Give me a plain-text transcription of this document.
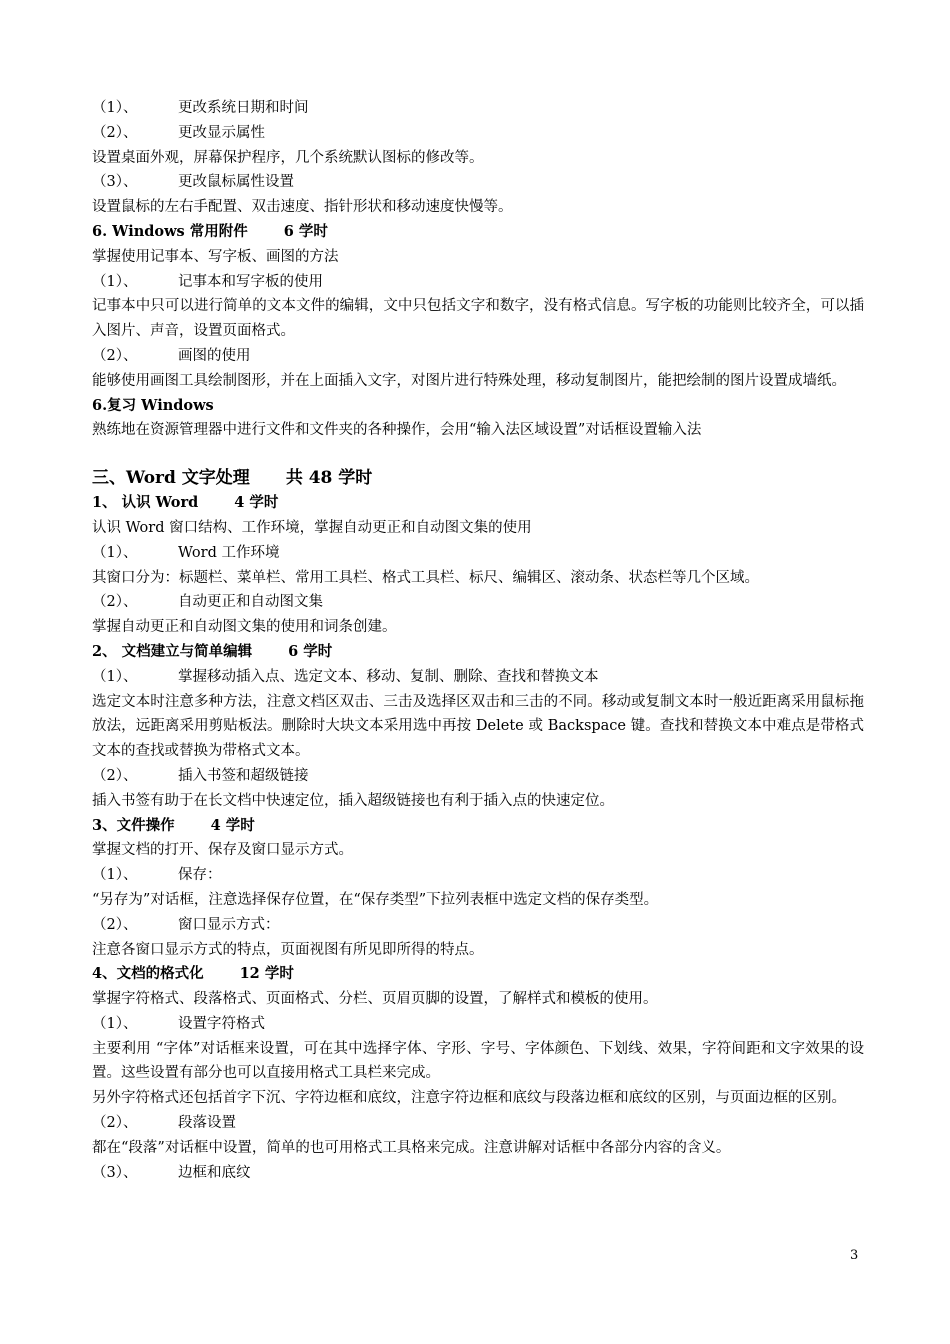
（1）、	更改系统日期和时间
（2）、	更改显示属性
设置桌面外观，屏幕保护程序，几个系统默认图标的修改等。
（3）、	更改鼠标属性设置
设置鼠标的左右手配置、双击速度、指针形状和移动速度快慢等。
6. Windows 常用附件 6 学时
掌握使用记事本、写字板、画图的方法
（1）、	记事本和写字板的使用
记事本中只可以进行简单的文本文件的编辑，文中只包括文字和数字，没有格式信息。写字板的功能则比较齐全，可以插入图片、声音，设置页面格式。
（2）、	画图的使用
能够使用画图工具绘制图形，并在上面插入文字，对图片进行特殊处理，移动复制图片，能把绘制的图片设置成墙纸。
6.复习 Windows
熟练地在资源管理器中进行文件和文件夹的各种操作，会用“输入法区域设置”对话框设置输入法
三、Word 文字处理 共 48 学时
1、 认识 Word 4 学时
认识 Word 窗口结构、工作环境，掌握自动更正和自动图文集的使用
（1）、	Word 工作环境
其窗口分为：标题栏、菜单栏、常用工具栏、格式工具栏、标尺、编辑区、滚动条、状态栏等几个区域。
（2）、	自动更正和自动图文集
掌握自动更正和自动图文集的使用和词条创建。
2、 文档建立与简单编辑 6 学时
（1）、	掌握移动插入点、选定文本、移动、复制、删除、查找和替换文本
选定文本时注意多种方法，注意文档区双击、三击及选择区双击和三击的不同。移动或复制文本时一般近距离采用鼠标拖放法，远距离采用剪贴板法。删除时大块文本采用选中再按 Delete 或 Backspace 键。查找和替换文本中难点是带格式文本的查找或替换为带格式文本。
（2）、	插入书签和超级链接
插入书签有助于在长文档中快速定位，插入超级链接也有利于插入点的快速定位。
3、文件操作 4 学时
掌握文档的打开、保存及窗口显示方式。
（1）、	保存：
“另存为”对话框，注意选择保存位置，在“保存类型”下拉列表框中选定文档的保存类型。
（2）、	窗口显示方式：
注意各窗口显示方式的特点，页面视图有所见即所得的特点。
4、文档的格式化 12 学时
掌握字符格式、段落格式、页面格式、分栏、页眉页脚的设置，了解样式和模板的使用。
（1）、	设置字符格式
主要利用 “字体”对话框来设置，可在其中选择字体、字形、字号、字体颜色、下划线、效果，字符间距和文字效果的设置。这些设置有部分也可以直接用格式工具栏来完成。
另外字符格式还包括首字下沉、字符边框和底纹，注意字符边框和底纹与段落边框和底纹的区别，与页面边框的区别。
（2）、	段落设置
都在“段落”对话框中设置，简单的也可用格式工具格来完成。注意讲解对话框中各部分内容的含义。
（3）、	边框和底纹
3
